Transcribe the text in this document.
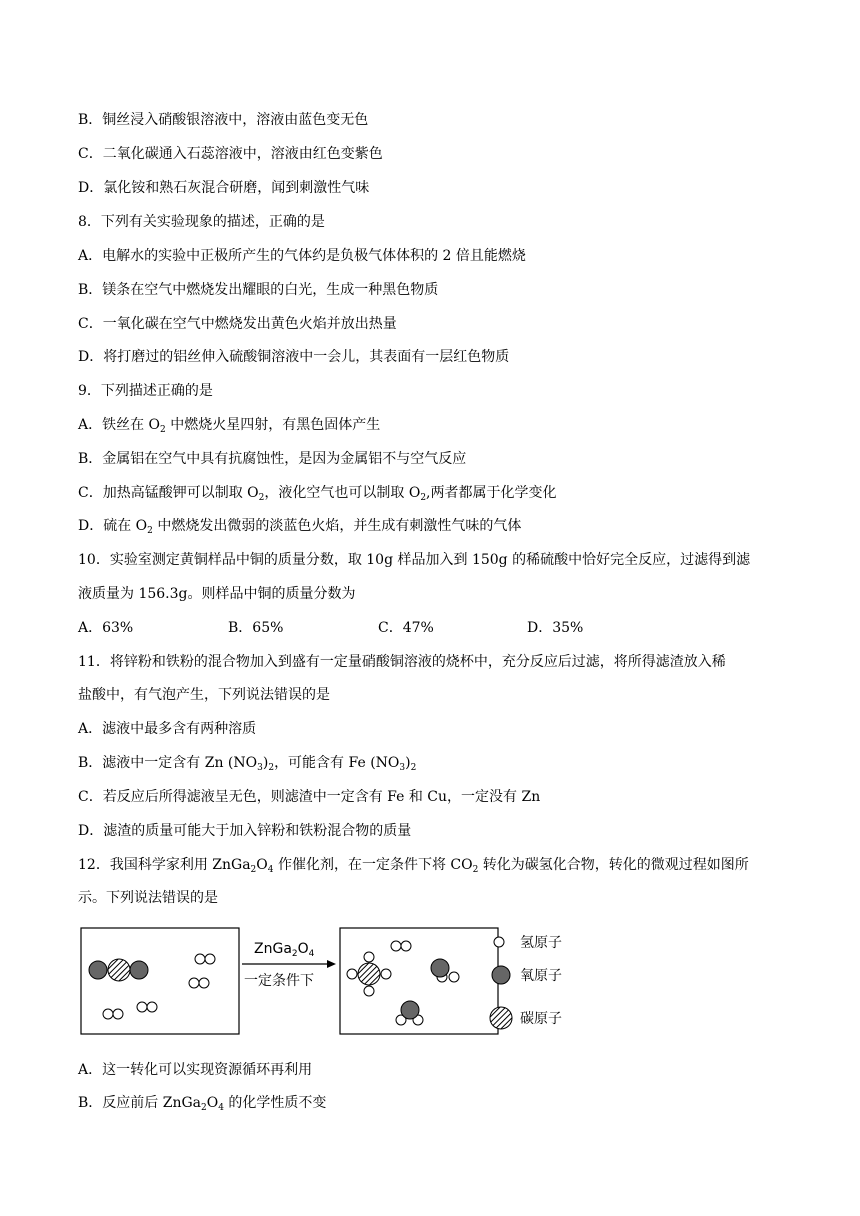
B．铜丝浸入硝酸银溶液中，溶液由蓝色变无色
C．二氧化碳通入石蕊溶液中，溶液由红色变紫色
D．氯化铵和熟石灰混合研磨，闻到刺激性气味
8．下列有关实验现象的描述，正确的是
A．电解水的实验中正极所产生的气体约是负极气体体积的 2 倍且能燃烧
B．镁条在空气中燃烧发出耀眼的白光，生成一种黑色物质
C．一氧化碳在空气中燃烧发出黄色火焰并放出热量
D．将打磨过的铝丝伸入硫酸铜溶液中一会儿，其表面有一层红色物质
9．下列描述正确的是
A．铁丝在 $O_2$ 中燃烧火星四射，有黑色固体产生
B．金属铝在空气中具有抗腐蚀性，是因为金属铝不与空气反应
C．加热高锰酸钾可以制取 $O_2$，液化空气也可以制取 $O_2$,两者都属于化学变化
D．硫在 $O_2$ 中燃烧发出微弱的淡蓝色火焰，并生成有刺激性气味的气体
10．实验室测定黄铜样品中铜的质量分数，取 10g 样品加入到 150g 的稀硫酸中恰好完全反应，过滤得到滤
液质量为 156.3g。则样品中铜的质量分数为
A．63%	B．65%	C．47%	D．35%
11．将锌粉和铁粉的混合物加入到盛有一定量硝酸铜溶液的烧杯中，充分反应后过滤，将所得滤渣放入稀
盐酸中，有气泡产生，下列说法错误的是
A．滤液中最多含有两种溶质
B．滤液中一定含有 Zn $(NO_3)_2$，可能含有 Fe $(NO_3)_2$
C．若反应后所得滤液呈无色，则滤渣中一定含有 Fe 和 Cu，一定没有 Zn
D．滤渣的质量可能大于加入锌粉和铁粉混合物的质量
12．我国科学家利用 $ZnGa_2O_4$ 作催化剂，在一定条件下将 $CO_2$ 转化为碳氢化合物，转化的微观过程如图所
示。下列说法错误的是
$ZnGa_2O_4$
一定条件下
氢原子
氧原子
碳原子
A．这一转化可以实现资源循环再利用
B．反应前后 $ZnGa_2O_4$ 的化学性质不变
